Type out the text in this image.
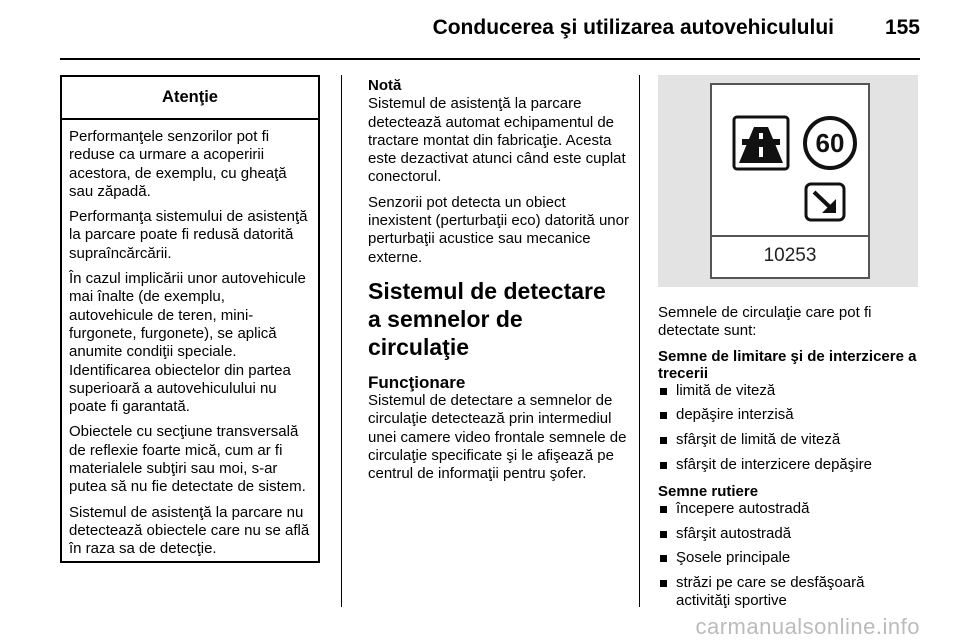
Conducerea şi utilizarea autovehiculului 155
Atenţie

Performanţele senzorilor pot fi reduse ca urmare a acoperirii acestora, de exemplu, cu gheaţă sau zăpadă.

Performanţa sistemului de asistenţă la parcare poate fi redusă datorită supraîncărcării.

În cazul implicării unor autovehicule mai înalte (de exemplu, autovehicule de teren, mini-furgonete, furgonete), se aplică anumite condiţii speciale. Identificarea obiectelor din partea superioară a autovehiculului nu poate fi garantată.

Obiectele cu secţiune transversală de reflexie foarte mică, cum ar fi materialele subţiri sau moi, s-ar putea să nu fie detectate de sistem.

Sistemul de asistenţă la parcare nu detectează obiectele care nu se află în raza sa de detecţie.

Notă

Sistemul de asistenţă la parcare detectează automat echipamentul de tractare montat din fabricaţie. Acesta este dezactivat atunci când este cuplat conectorul.

Senzorii pot detecta un obiect inexistent (perturbaţii eco) datorită unor perturbaţii acustice sau mecanice externe.

Sistemul de detectare
a semnelor de circulaţie
Funcţionare

Sistemul de detectare a semnelor de circulaţie detectează prin intermediul unei camere video frontale semnele de circulaţie specificate şi le afişează pe centrul de informaţii pentru şofer.

60
10253

Semnele de circulaţie care pot fi detectate sunt:

Semne de limitare şi de interzicere a trecerii
limită de viteză
depăşire interzisă
sfârşit de limită de viteză
sfârşit de interzicere depăşire
Semne rutiere
începere autostradă
sfârşit autostradă
Şosele principale
străzi pe care se desfăşoară activităţi sportive
carmanualsonline.info
